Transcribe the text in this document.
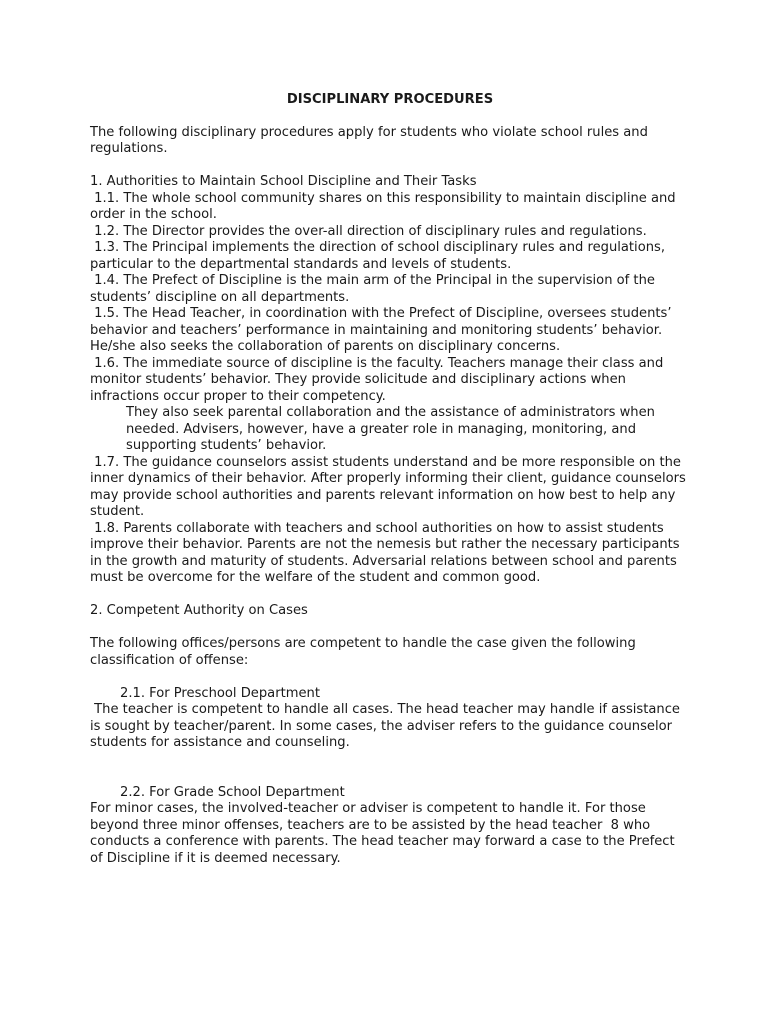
DISCIPLINARY PROCEDURES

The following disciplinary procedures apply for students who violate school rules and regulations.

1. Authorities to Maintain School Discipline and Their Tasks

1.1. The whole school community shares on this responsibility to maintain discipline and order in the school.

1.2. The Director provides the over-all direction of disciplinary rules and regulations.

1.3. The Principal implements the direction of school disciplinary rules and regulations, particular to the departmental standards and levels of students.

1.4. The Prefect of Discipline is the main arm of the Principal in the supervision of the students’ discipline on all departments.

1.5. The Head Teacher, in coordination with the Prefect of Discipline, oversees students’ behavior and teachers’ performance in maintaining and monitoring students’ behavior. He/she also seeks the collaboration of parents on disciplinary concerns.

1.6. The immediate source of discipline is the faculty. Teachers manage their class and monitor students’ behavior. They provide solicitude and disciplinary actions when infractions occur proper to their competency.

They also seek parental collaboration and the assistance of administrators when needed. Advisers, however, have a greater role in managing, monitoring, and supporting students’ behavior.

1.7. The guidance counselors assist students understand and be more responsible on the inner dynamics of their behavior. After properly informing their client, guidance counselors may provide school authorities and parents relevant information on how best to help any student.

1.8. Parents collaborate with teachers and school authorities on how to assist students improve their behavior. Parents are not the nemesis but rather the necessary participants in the growth and maturity of students. Adversarial relations between school and parents must be overcome for the welfare of the student and common good.

2. Competent Authority on Cases

The following offices/persons are competent to handle the case given the following classification of offense:

2.1. For Preschool Department

The teacher is competent to handle all cases. The head teacher may handle if assistance is sought by teacher/parent. In some cases, the adviser refers to the guidance counselor students for assistance and counseling.

2.2. For Grade School Department

For minor cases, the involved-teacher or adviser is competent to handle it. For those beyond three minor offenses, teachers are to be assisted by the head teacher  8 who conducts a conference with parents. The head teacher may forward a case to the Prefect of Discipline if it is deemed necessary.
